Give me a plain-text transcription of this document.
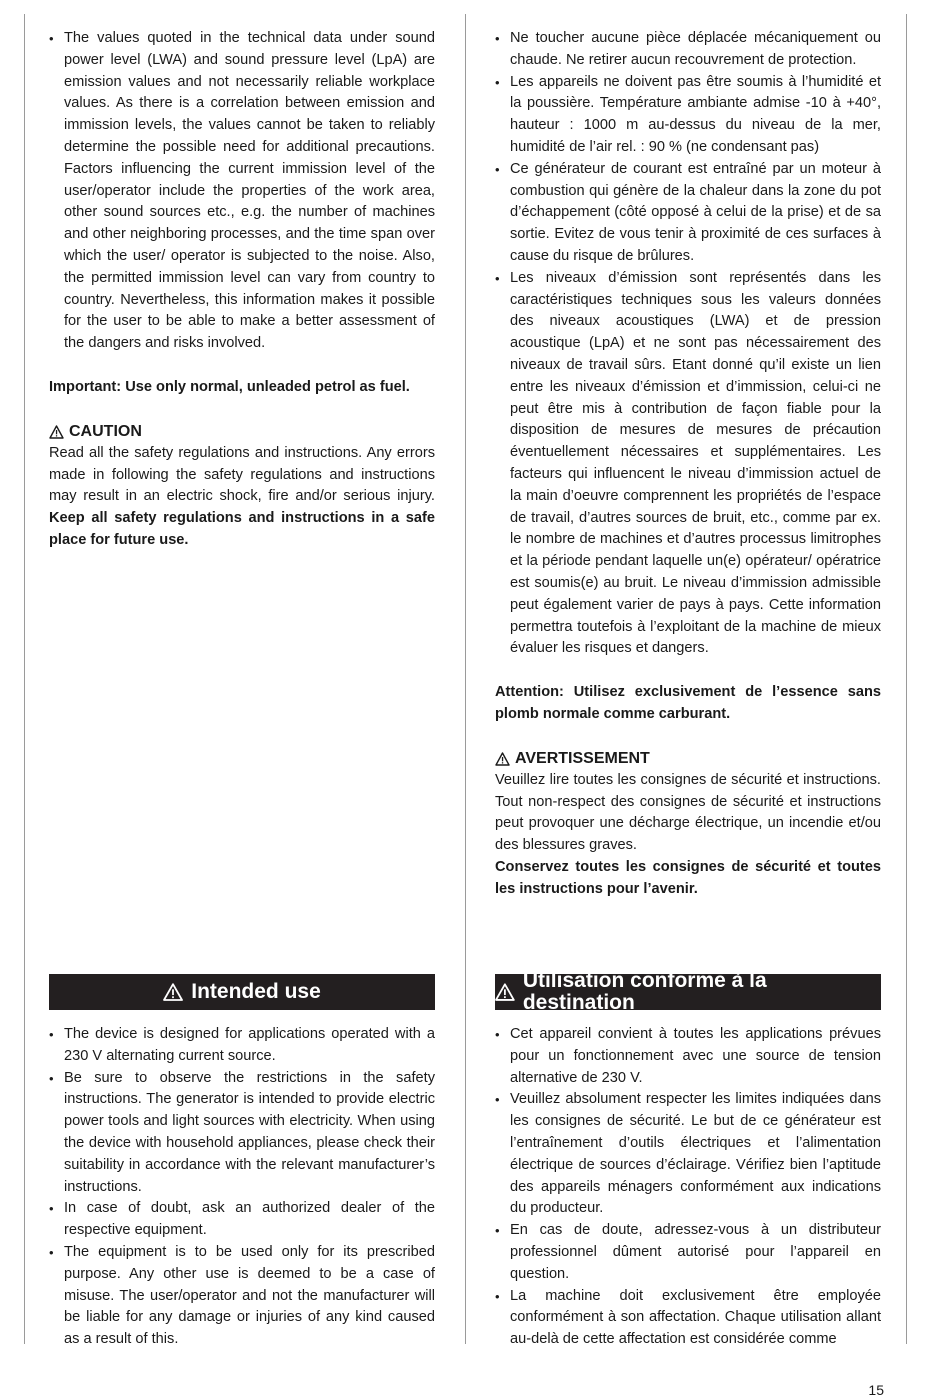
• The values quoted in the technical data under sound power level (LWA) and sound pressure level (LpA) are emission values and not necessarily reliable workplace values. As there is a correlation between emission and immission levels, the values cannot be taken to reliably determine the possible need for additional precautions. Factors influencing the current immission level of the user/operator include the properties of the work area, other sound sources etc., e.g. the number of machines and other neighboring processes, and the time span over which the user/ operator is subjected to the noise. Also, the permitted immission level can vary from country to country. Nevertheless, this information makes it possible for the user to be able to make a better assessment of the dangers and risks involved.

Important: Use only normal, unleaded petrol as fuel.

CAUTION

Read all the safety regulations and instructions. Any errors made in following the safety regulations and instructions may result in an electric shock, fire and/or serious injury. Keep all safety regulations and instructions in a safe place for future use.

Intended use
• The device is designed for applications operated with a 230 V alternating current source.
• Be sure to observe the restrictions in the safety instructions. The generator is intended to provide electric power tools and light sources with electricity. When using the device with household appliances, please check their suitability in accordance with the relevant manufacturer’s instructions.
• In case of doubt, ask an authorized dealer of the respective equipment.
• The equipment is to be used only for its prescribed purpose. Any other use is deemed to be a case of misuse. The user/operator and not the manufacturer will be liable for any damage or injuries of any kind caused as a result of this.
• Ne toucher aucune pièce déplacée mécaniquement ou chaude. Ne retirer aucun recouvrement de protection.
• Les appareils ne doivent pas être soumis à l’humidité et la poussière. Température ambiante admise -10 à +40°, hauteur : 1000 m au-dessus du niveau de la mer, humidité de l’air rel. : 90 % (ne condensant pas)
• Ce générateur de courant est entraîné par un moteur à combustion qui génère de la chaleur dans la zone du pot d’échappement (côté opposé à celui de la prise) et de sa sortie. Evitez de vous tenir à proximité de ces surfaces à cause du risque de brûlures.
• Les niveaux d’émission sont représentés dans les caractéristiques techniques sous les valeurs données des niveaux acoustiques (LWA) et de pression acoustique (LpA) et ne sont pas nécessairement des niveaux de travail sûrs. Etant donné qu’il existe un lien entre les niveaux d’émission et d’immission, celui-ci ne peut être mis à contribution de façon fiable pour la disposition de mesures de mesures de précaution éventuellement nécessaires et supplémentaires. Les facteurs qui influencent le niveau d’immission actuel de la main d’oeuvre comprennent les propriétés de l’espace de travail, d’autres sources de bruit, etc., comme par ex. le nombre de machines et d’autres processus limitrophes et la période pendant laquelle un(e) opérateur/ opératrice est soumis(e) au bruit. Le niveau d’immission admissible peut également varier de pays à pays. Cette information permettra toutefois à l’exploitant de la machine de mieux évaluer les risques et dangers.

Attention: Utilisez exclusivement de l’essence sans plomb normale comme carburant.

AVERTISSEMENT

Veuillez lire toutes les consignes de sécurité et instructions. Tout non-respect des consignes de sécurité et instructions peut provoquer une décharge électrique, un incendie et/ou des blessures graves.

Conservez toutes les consignes de sécurité et toutes les instructions pour l’avenir.

Utilisation conforme à la destination
• Cet appareil convient à toutes les applications prévues pour un fonctionnement avec une source de tension alternative de 230 V.
• Veuillez absolument respecter les limites indiquées dans les consignes de sécurité. Le but de ce générateur est l’entraînement d’outils électriques et l’alimentation électrique de sources d’éclairage. Vérifiez bien l’aptitude des appareils ménagers conformément aux indications du producteur.
• En cas de doute, adressez-vous à un distributeur professionnel dûment autorisé pour l’appareil en question.
• La machine doit exclusivement être employée conformément à son affectation. Chaque utilisation allant au-delà de cette affectation est considérée comme
15
